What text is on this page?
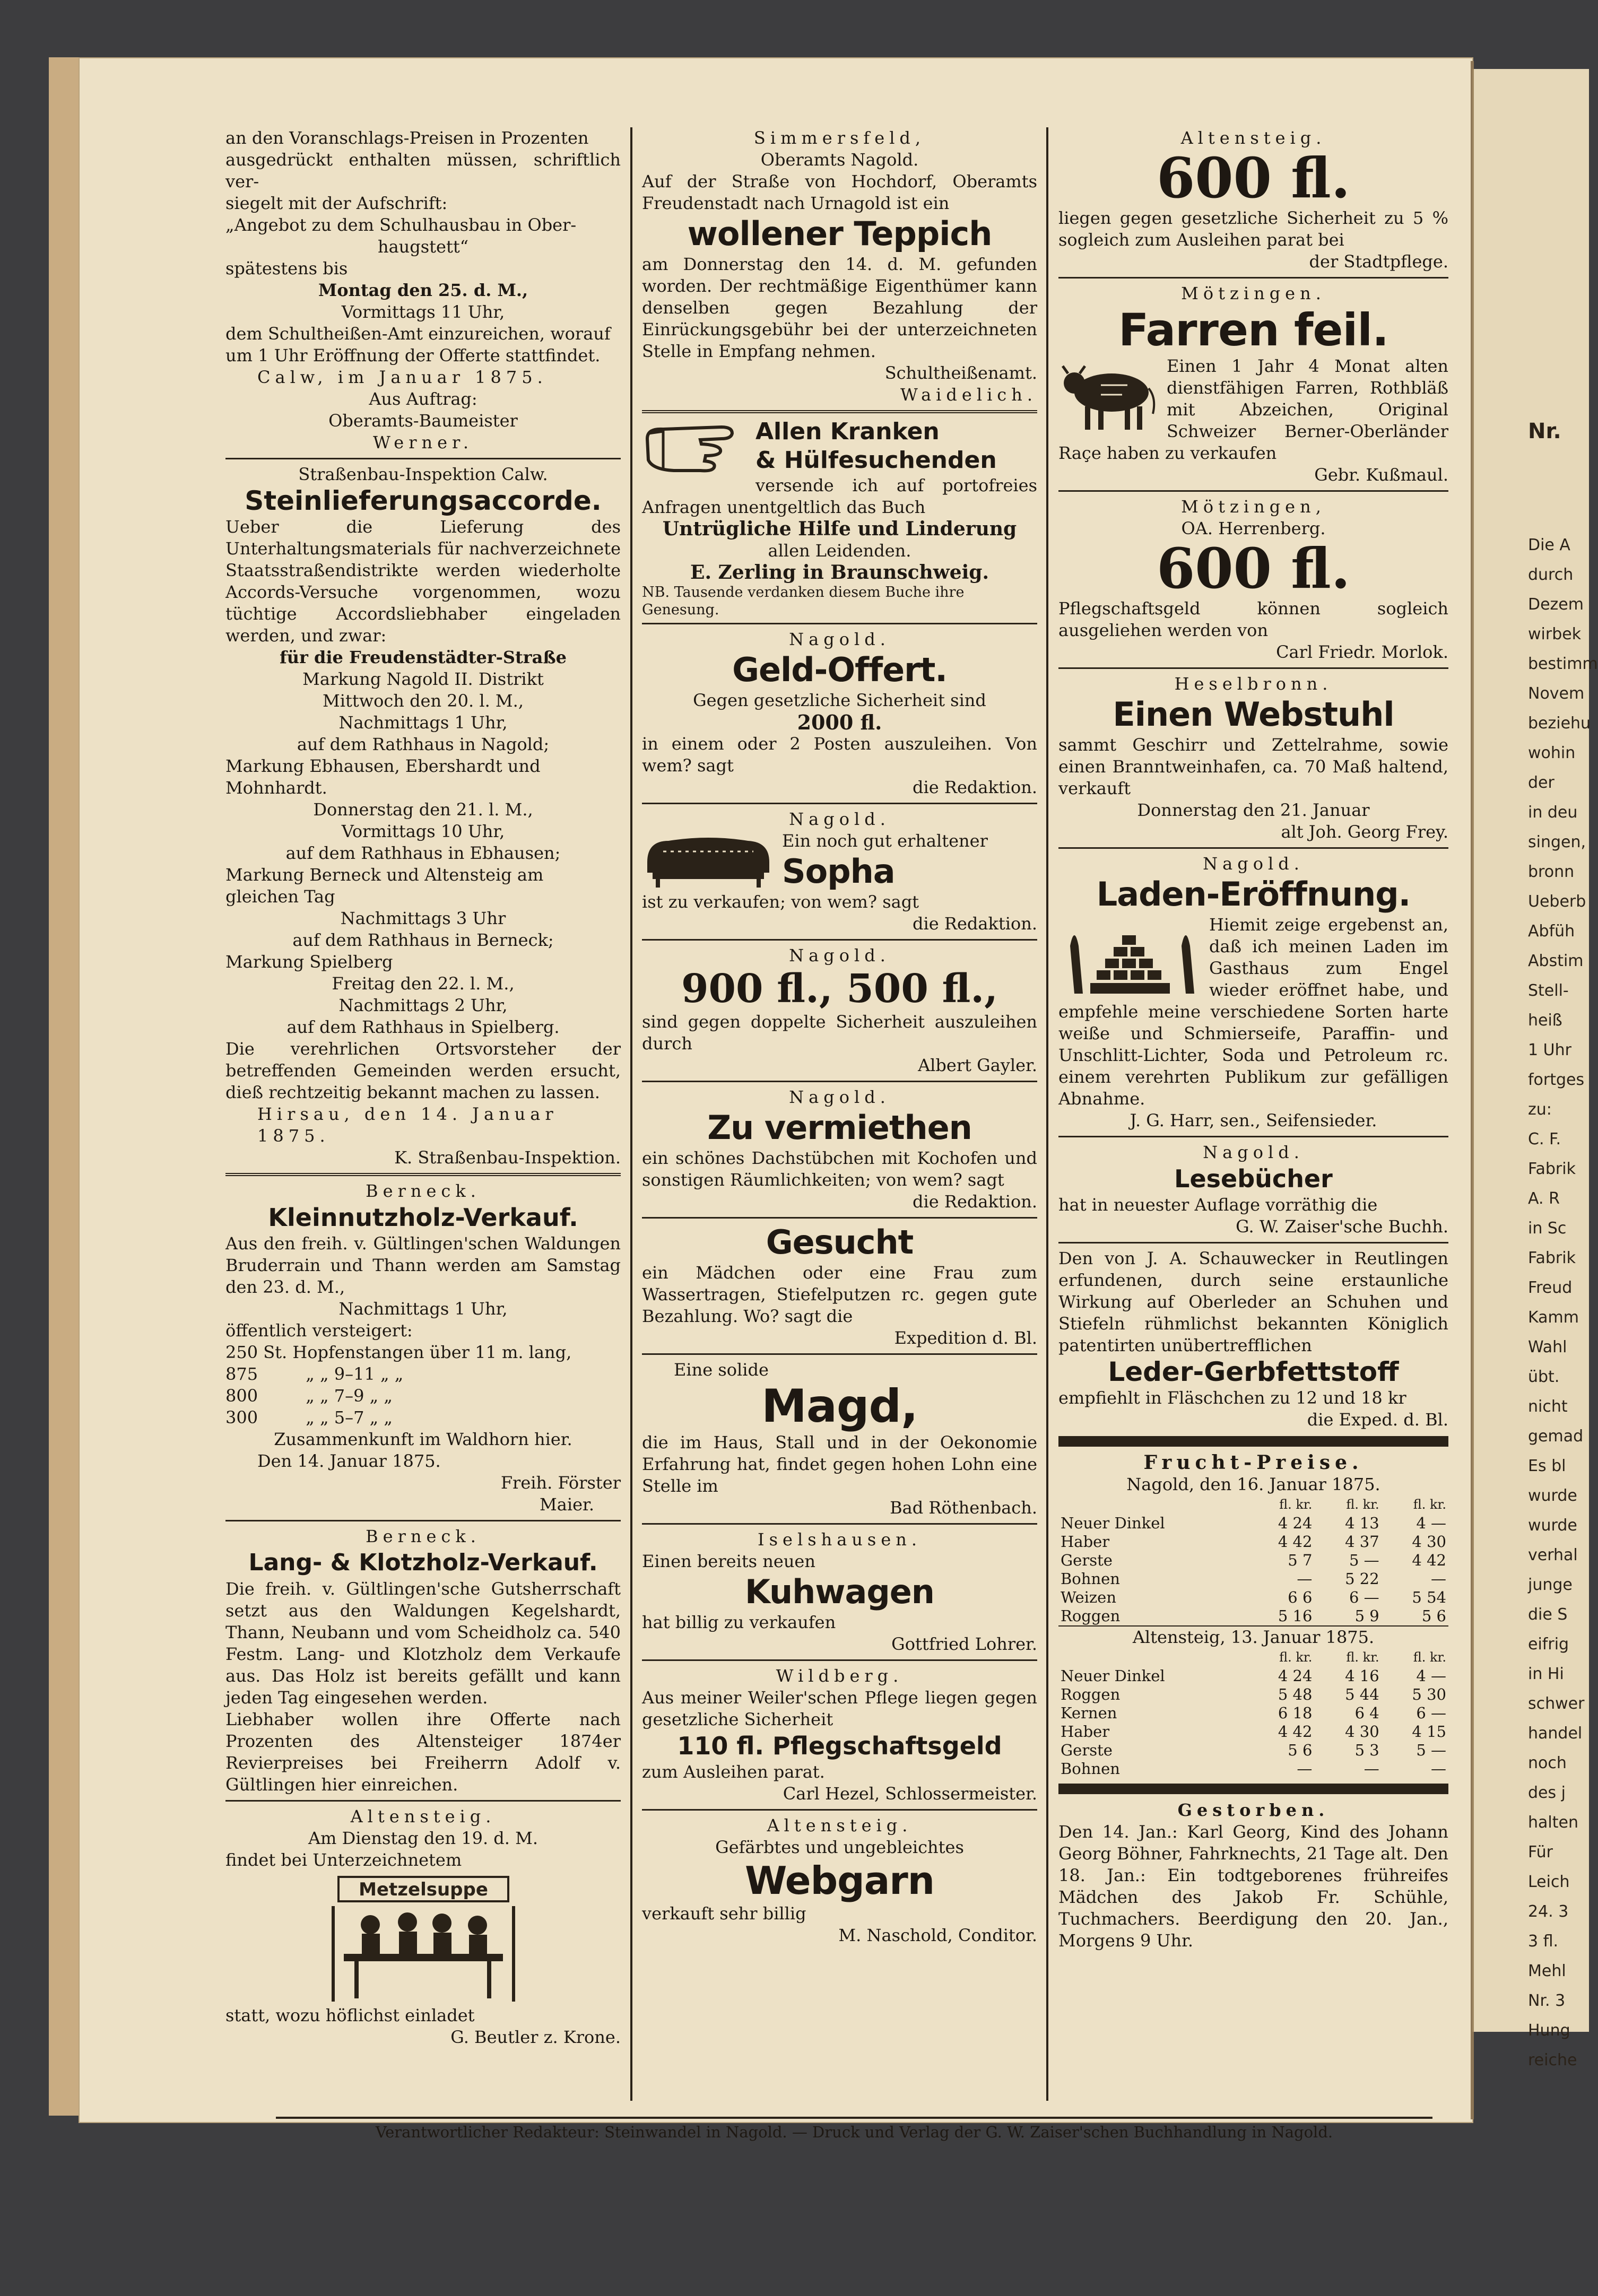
an den Voranschlags-Preisen in Prozenten
ausgedrückt enthalten müssen, schriftlich ver-
siegelt mit der Aufschrift:
„Angebot zu dem Schulhausbau in Ober-
haugstett“
spätestens bis
Montag den 25. d. M.,
Vormittags 11 Uhr,
dem Schultheißen-Amt einzureichen, worauf
um 1 Uhr Eröffnung der Offerte stattfindet.
Calw, im Januar 1875.
Aus Auftrag:
Oberamts-Baumeister
Werner.
Straßenbau-Inspektion Calw.
Steinlieferungsaccorde.
Ueber die Lieferung des Unterhaltungsmaterials für nachverzeichnete Staatsstraßendistrikte werden wiederholte Accords-Versuche vorgenommen, wozu tüchtige Accordsliebhaber eingeladen werden, und zwar:
für die Freudenstädter-Straße
Markung Nagold II. Distrikt
Mittwoch den 20. l. M.,
Nachmittags 1 Uhr,
auf dem Rathhaus in Nagold;
Markung Ebhausen, Ebershardt und Mohnhardt.
Donnerstag den 21. l. M.,
Vormittags 10 Uhr,
auf dem Rathhaus in Ebhausen;
Markung Berneck und Altensteig am gleichen Tag
Nachmittags 3 Uhr
auf dem Rathhaus in Berneck;
Markung Spielberg
Freitag den 22. l. M.,
Nachmittags 2 Uhr,
auf dem Rathhaus in Spielberg.
Die verehrlichen Ortsvorsteher der betreffenden Gemeinden werden ersucht, dieß rechtzeitig bekannt machen zu lassen.
Hirsau, den 14. Januar 1875.
K. Straßenbau-Inspektion.
Berneck.
Kleinnutzholz-Verkauf.
Aus den freih. v. Gültlingen'schen Waldungen Bruderrain und Thann werden am Samstag den 23. d. M.,
Nachmittags 1 Uhr,
öffentlich versteigert:
250 St. Hopfenstangen über 11 m. lang,
875	„ „ 9–11 „ „
800	„ „ 7–9 „ „
300	„ „ 5–7 „ „
Zusammenkunft im Waldhorn hier.
Den 14. Januar 1875.
Freih. Förster
Maier.
Berneck.
Lang- & Klotzholz-Verkauf.
Die freih. v. Gültlingen'sche Gutsherrschaft setzt aus den Waldungen Kegelshardt, Thann, Neubann und vom Scheidholz ca. 540 Festm. Lang- und Klotzholz dem Verkaufe aus. Das Holz ist bereits gefällt und kann jeden Tag eingesehen werden.
Liebhaber wollen ihre Offerte nach Prozenten des Altensteiger 1874er Revierpreises bei Freiherrn Adolf v. Gültlingen hier einreichen.
Altensteig.
Am Dienstag den 19. d. M.
findet bei Unterzeichnetem
Metzelsuppe
statt, wozu höflichst einladet
G. Beutler z. Krone.
Simmersfeld,
Oberamts Nagold.
Auf der Straße von Hochdorf, Oberamts Freudenstadt nach Urnagold ist ein
wollener Teppich
am Donnerstag den 14. d. M. gefunden worden. Der rechtmäßige Eigenthümer kann denselben gegen Bezahlung der Einrückungsgebühr bei der unterzeichneten Stelle in Empfang nehmen.
Schultheißenamt.
Waidelich.
Allen Kranken
& Hülfesuchenden
versende ich auf portofreies Anfragen unentgeltlich das Buch
Untrügliche Hilfe und Linderung
allen Leidenden.
E. Zerling in Braunschweig.
NB. Tausende verdanken diesem Buche ihre Genesung.
Nagold.
Geld-Offert.
Gegen gesetzliche Sicherheit sind
2000 fl.
in einem oder 2 Posten auszuleihen. Von wem? sagt
die Redaktion.
Nagold.
Ein noch gut erhaltener
Sopha
ist zu verkaufen; von wem? sagt
die Redaktion.
Nagold.
900 fl., 500 fl.,
sind gegen doppelte Sicherheit auszuleihen durch
Albert Gayler.
Nagold.
Zu vermiethen
ein schönes Dachstübchen mit Kochofen und sonstigen Räumlichkeiten; von wem? sagt
die Redaktion.
Gesucht
ein Mädchen oder eine Frau zum Wassertragen, Stiefelputzen rc. gegen gute Bezahlung. Wo? sagt die
Expedition d. Bl.
Eine solide
Magd,
die im Haus, Stall und in der Oekonomie Erfahrung hat, findet gegen hohen Lohn eine Stelle im
Bad Röthenbach.
Iselshausen.
Einen bereits neuen
Kuhwagen
hat billig zu verkaufen
Gottfried Lohrer.
Wildberg.
Aus meiner Weiler'schen Pflege liegen gegen gesetzliche Sicherheit
110 fl. Pflegschaftsgeld
zum Ausleihen parat.
Carl Hezel, Schlossermeister.
Altensteig.
Gefärbtes und ungebleichtes
Webgarn
verkauft sehr billig
M. Naschold, Conditor.
Altensteig.
600 fl.
liegen gegen gesetzliche Sicherheit zu 5 % sogleich zum Ausleihen parat bei
der Stadtpflege.
Mötzingen.
Farren feil.
Einen 1 Jahr 4 Monat alten dienstfähigen Farren, Rothbläß mit Abzeichen, Original Schweizer Berner-Oberländer Raçe haben zu verkaufen
Gebr. Kußmaul.
Mötzingen,
OA. Herrenberg.
600 fl.
Pflegschaftsgeld können sogleich ausgeliehen werden von
Carl Friedr. Morlok.
Heselbronn.
Einen Webstuhl
sammt Geschirr und Zettelrahme, sowie einen Branntweinhafen, ca. 70 Maß haltend, verkauft
Donnerstag den 21. Januar
alt Joh. Georg Frey.
Nagold.
Laden-Eröffnung.
Hiemit zeige ergebenst an, daß ich meinen Laden im Gasthaus zum Engel wieder eröffnet habe, und empfehle meine verschiedene Sorten harte weiße und Schmierseife, Paraffin- und Unschlitt-Lichter, Soda und Petroleum rc. einem verehrten Publikum zur gefälligen Abnahme.
J. G. Harr, sen., Seifensieder.
Nagold.
Lesebücher
hat in neuester Auflage vorräthig die
G. W. Zaiser'sche Buchh.
Den von J. A. Schauwecker in Reutlingen erfundenen, durch seine erstaunliche Wirkung auf Oberleder an Schuhen und Stiefeln rühmlichst bekannten Königlich patentirten unübertrefflichen
Leder-Gerbfettstoff
empfiehlt in Fläschchen zu 12 und 18 kr
die Exped. d. Bl.
Frucht-Preise.
Nagold, den 16. Januar 1875.
	fl. kr.	fl. kr.	fl. kr.
Neuer Dinkel	4 24	4 13	4 —
Haber	4 42	4 37	4 30
Gerste	5 7	5 —	4 42
Bohnen	—	5 22	—
Weizen	6 6	6 —	5 54
Roggen	5 16	5 9	5 6
Altensteig, 13. Januar 1875.
	fl. kr.	fl. kr.	fl. kr.
Neuer Dinkel	4 24	4 16	4 —
Roggen	5 48	5 44	5 30
Kernen	6 18	6 4	6 —
Haber	4 42	4 30	4 15
Gerste	5 6	5 3	5 —
Bohnen	—	—	—
Gestorben.
Den 14. Jan.: Karl Georg, Kind des Johann Georg Böhner, Fahrknechts, 21 Tage alt. Den 18. Jan.: Ein todtgeborenes frühreifes Mädchen des Jakob Fr. Schühle, Tuchmachers. Beerdigung den 20. Jan., Morgens 9 Uhr.
Verantwortlicher Redakteur: Steinwandel in Nagold. — Druck und Verlag der G. W. Zaiser'schen Buchhandlung in Nagold.
Nr.
Die A
durch
Dezem
wirbek
bestimm
Novem
beziehu
wohin
der
in deu
singen,
bronn
Ueberb
Abfüh
Abstim
Stell-
heiß
1 Uhr
fortges
zu:
C. F.
Fabrik
A. R
in Sc
Fabrik
Freud
Kamm
Wahl
übt.
nicht
gemad
Es bl
wurde
wurde
verhal
junge
die S
eifrig
in Hi
schwer
handel
noch
des j
halten
Für
Leich
24. 3
3 fl.
Mehl
Nr. 3
Hung
reiche
